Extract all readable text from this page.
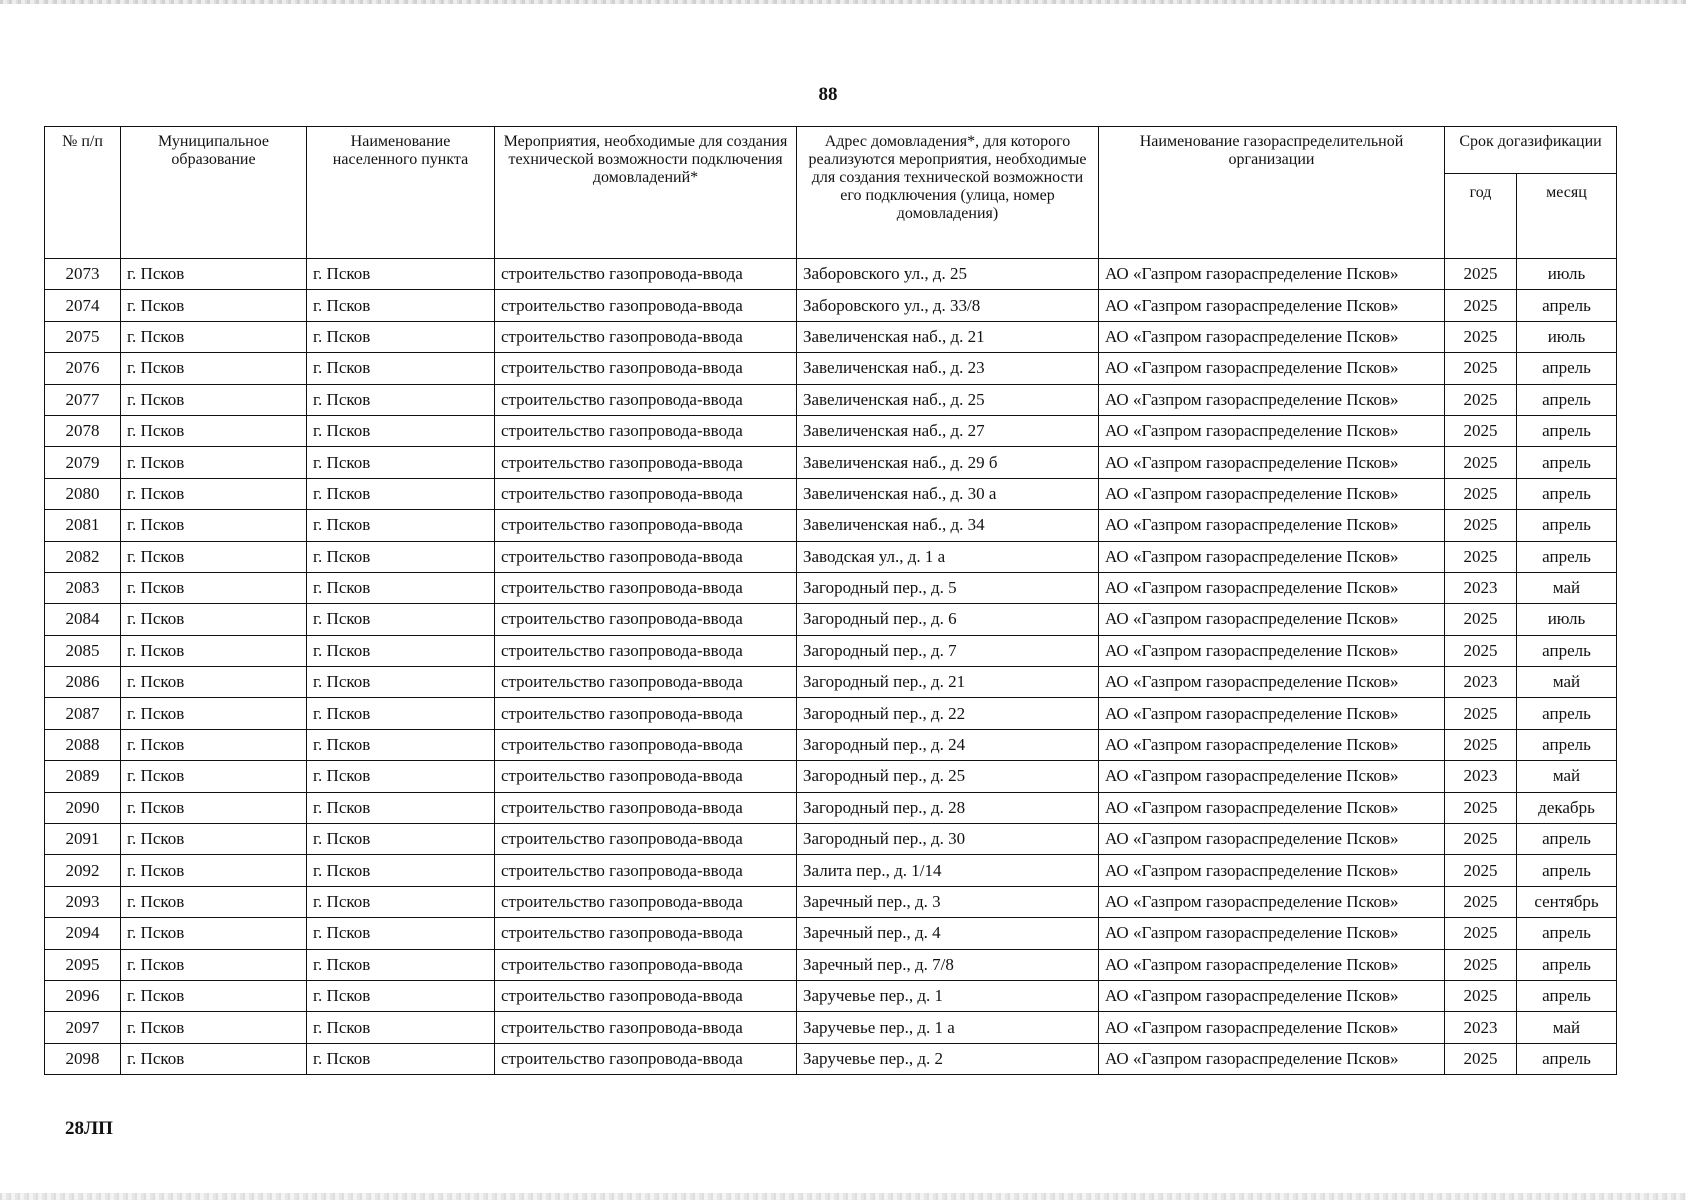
88
№ п/п	Муниципальное образование	Наименование населенного пункта	Мероприятия, необходимые для создания технической возможности подключения домовладений*	Адрес домовладения*, для которого реализуются мероприятия, необходимые для создания технической возможности его подключения (улица, номер домовладения)	Наименование газораспределительной организации	Срок догазификации	
						год	месяц
2073	г. Псков	г. Псков	строительство газопровода-ввода	Заборовского ул., д. 25	АО «Газпром газораспределение Псков»	2025	июль
2074	г. Псков	г. Псков	строительство газопровода-ввода	Заборовского ул., д. 33/8	АО «Газпром газораспределение Псков»	2025	апрель
2075	г. Псков	г. Псков	строительство газопровода-ввода	Завеличенская наб., д. 21	АО «Газпром газораспределение Псков»	2025	июль
2076	г. Псков	г. Псков	строительство газопровода-ввода	Завеличенская наб., д. 23	АО «Газпром газораспределение Псков»	2025	апрель
2077	г. Псков	г. Псков	строительство газопровода-ввода	Завеличенская наб., д. 25	АО «Газпром газораспределение Псков»	2025	апрель
2078	г. Псков	г. Псков	строительство газопровода-ввода	Завеличенская наб., д. 27	АО «Газпром газораспределение Псков»	2025	апрель
2079	г. Псков	г. Псков	строительство газопровода-ввода	Завеличенская наб., д. 29 б	АО «Газпром газораспределение Псков»	2025	апрель
2080	г. Псков	г. Псков	строительство газопровода-ввода	Завеличенская наб., д. 30 а	АО «Газпром газораспределение Псков»	2025	апрель
2081	г. Псков	г. Псков	строительство газопровода-ввода	Завеличенская наб., д. 34	АО «Газпром газораспределение Псков»	2025	апрель
2082	г. Псков	г. Псков	строительство газопровода-ввода	Заводская ул., д. 1 а	АО «Газпром газораспределение Псков»	2025	апрель
2083	г. Псков	г. Псков	строительство газопровода-ввода	Загородный пер., д. 5	АО «Газпром газораспределение Псков»	2023	май
2084	г. Псков	г. Псков	строительство газопровода-ввода	Загородный пер., д. 6	АО «Газпром газораспределение Псков»	2025	июль
2085	г. Псков	г. Псков	строительство газопровода-ввода	Загородный пер., д. 7	АО «Газпром газораспределение Псков»	2025	апрель
2086	г. Псков	г. Псков	строительство газопровода-ввода	Загородный пер., д. 21	АО «Газпром газораспределение Псков»	2023	май
2087	г. Псков	г. Псков	строительство газопровода-ввода	Загородный пер., д. 22	АО «Газпром газораспределение Псков»	2025	апрель
2088	г. Псков	г. Псков	строительство газопровода-ввода	Загородный пер., д. 24	АО «Газпром газораспределение Псков»	2025	апрель
2089	г. Псков	г. Псков	строительство газопровода-ввода	Загородный пер., д. 25	АО «Газпром газораспределение Псков»	2023	май
2090	г. Псков	г. Псков	строительство газопровода-ввода	Загородный пер., д. 28	АО «Газпром газораспределение Псков»	2025	декабрь
2091	г. Псков	г. Псков	строительство газопровода-ввода	Загородный пер., д. 30	АО «Газпром газораспределение Псков»	2025	апрель
2092	г. Псков	г. Псков	строительство газопровода-ввода	Залита пер., д. 1/14	АО «Газпром газораспределение Псков»	2025	апрель
2093	г. Псков	г. Псков	строительство газопровода-ввода	Заречный пер., д. 3	АО «Газпром газораспределение Псков»	2025	сентябрь
2094	г. Псков	г. Псков	строительство газопровода-ввода	Заречный пер., д. 4	АО «Газпром газораспределение Псков»	2025	апрель
2095	г. Псков	г. Псков	строительство газопровода-ввода	Заречный пер., д. 7/8	АО «Газпром газораспределение Псков»	2025	апрель
2096	г. Псков	г. Псков	строительство газопровода-ввода	Заручевье пер., д. 1	АО «Газпром газораспределение Псков»	2025	апрель
2097	г. Псков	г. Псков	строительство газопровода-ввода	Заручевье пер., д. 1 а	АО «Газпром газораспределение Псков»	2023	май
2098	г. Псков	г. Псков	строительство газопровода-ввода	Заручевье пер., д. 2	АО «Газпром газораспределение Псков»	2025	апрель
28ЛП
